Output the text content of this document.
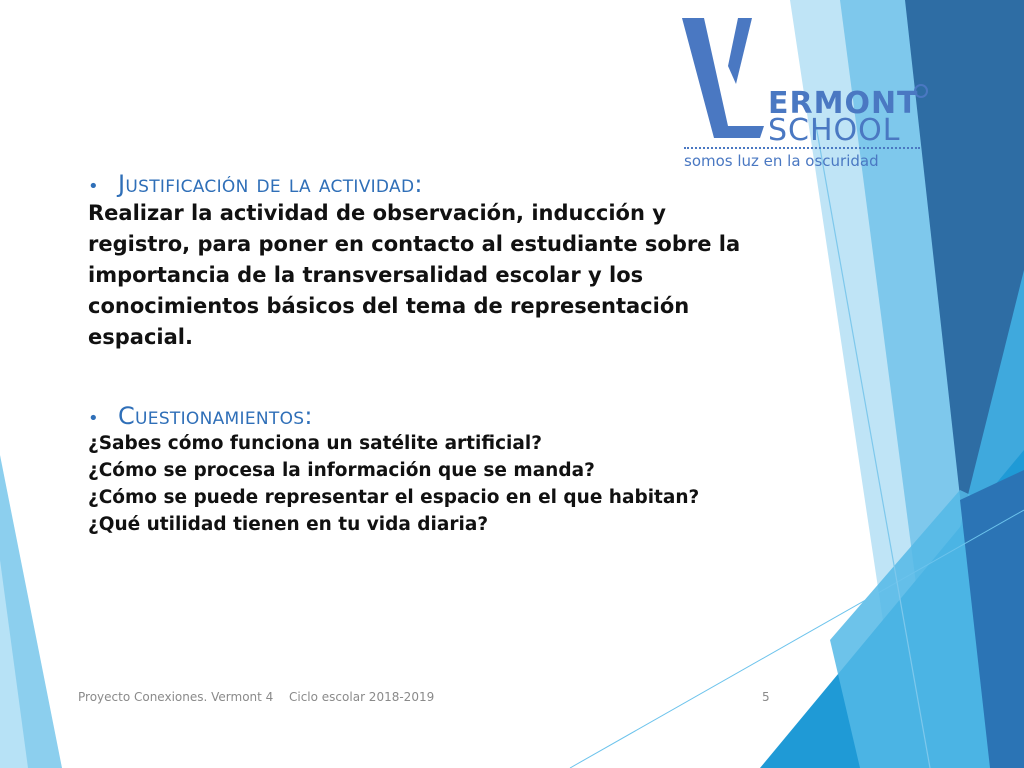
ERMONT
SCHOOL
somos luz en la oscuridad
• Justificación de la actividad:

Realizar la actividad de observación, inducción y registro, para poner en contacto al estudiante sobre la importancia de la transversalidad escolar y los conocimientos básicos del tema de representación espacial.

• Cuestionamientos:
¿Sabes cómo funciona un satélite artificial?
¿Cómo se procesa la información que se manda?
¿Cómo se puede representar el espacio en el que habitan?
¿Qué utilidad tienen en tu vida diaria?
Proyecto Conexiones. Vermont 4 Ciclo escolar 2018-2019	5
